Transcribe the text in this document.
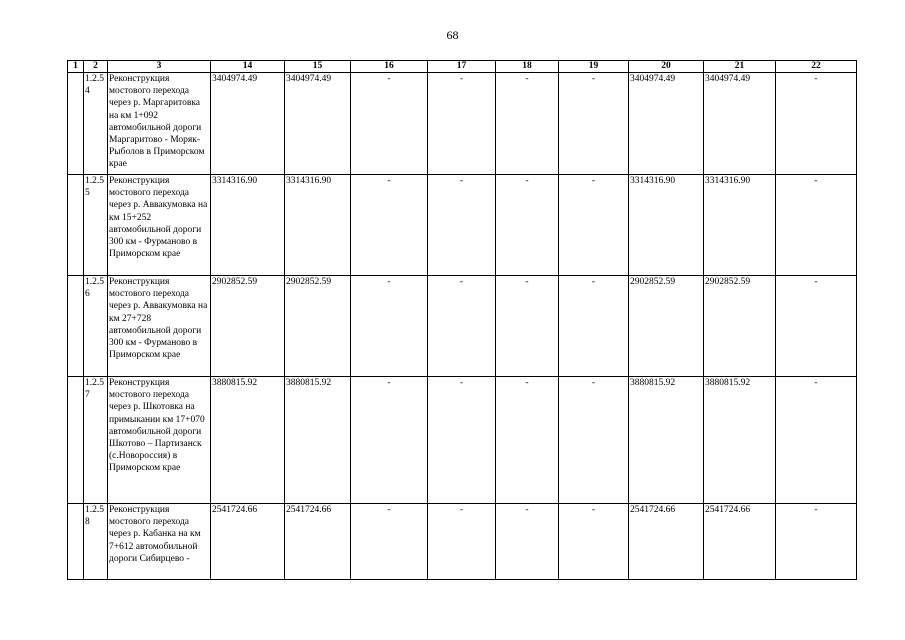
68
1	2	3	14	15	16	17	18	19	20	21	22
	1.2.5 4	Реконструкция мостового перехода через р. Маргаритовка на км 1+092 автомобильной дороги Маргаритово - Моряк-Рыболов в Приморском крае	3404974.49	3404974.49	-	-	-	-	3404974.49	3404974.49	-
	1.2.5 5	Реконструкция мостового перехода через р. Аввакумовка на км 15+252 автомобильной дороги 300 км - Фурманово в Приморском крае	3314316.90	3314316.90	-	-	-	-	3314316.90	3314316.90	-
	1.2.5 6	Реконструкция мостового перехода через р. Аввакумовка на км 27+728 автомобильной дороги 300 км - Фурманово в Приморском крае	2902852.59	2902852.59	-	-	-	-	2902852.59	2902852.59	-
	1.2.5 7	Реконструкция мостового перехода через р. Шкотовка на примыкании км 17+070 автомобильной дороги Шкотово – Партизанск (с.Новороссия) в Приморском крае	3880815.92	3880815.92	-	-	-	-	3880815.92	3880815.92	-
	1.2.5 8	Реконструкция мостового перехода через р. Кабанка на км 7+612 автомобильной дороги Сибирцево -	2541724.66	2541724.66	-	-	-	-	2541724.66	2541724.66	-
